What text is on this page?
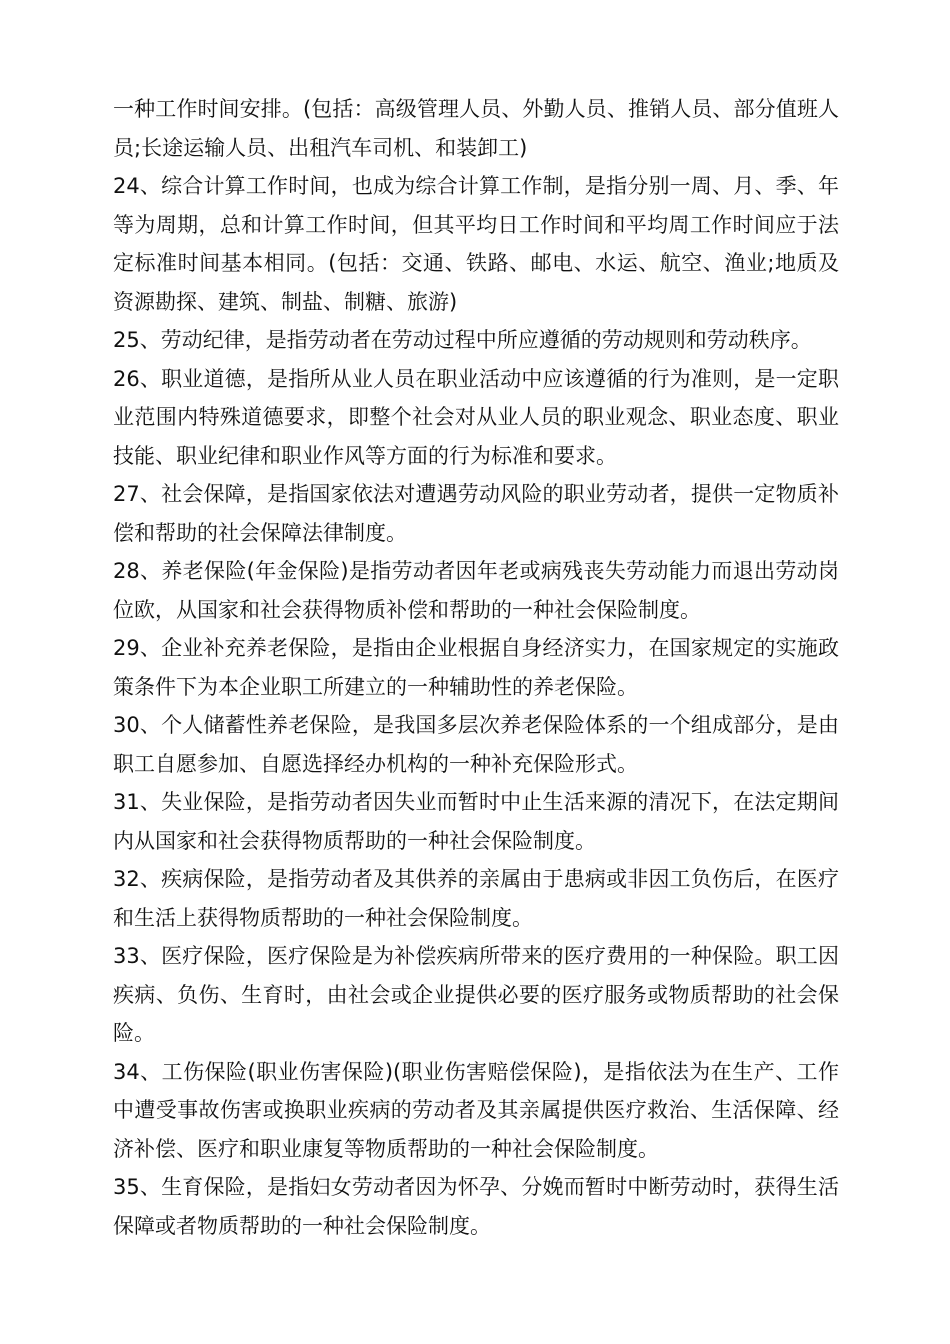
一种工作时间安排。(包括：高级管理人员、外勤人员、推销人员、部分值班人员;长途运输人员、出租汽车司机、和装卸工)

24、综合计算工作时间，也成为综合计算工作制，是指分别一周、月、季、年等为周期，总和计算工作时间，但其平均日工作时间和平均周工作时间应于法定标准时间基本相同。(包括：交通、铁路、邮电、水运、航空、渔业;地质及资源勘探、建筑、制盐、制糖、旅游)

25、劳动纪律，是指劳动者在劳动过程中所应遵循的劳动规则和劳动秩序。

26、职业道德，是指所从业人员在职业活动中应该遵循的行为准则，是一定职业范围内特殊道德要求，即整个社会对从业人员的职业观念、职业态度、职业技能、职业纪律和职业作风等方面的行为标准和要求。

27、社会保障，是指国家依法对遭遇劳动风险的职业劳动者，提供一定物质补偿和帮助的社会保障法律制度。

28、养老保险(年金保险)是指劳动者因年老或病残丧失劳动能力而退出劳动岗位欧，从国家和社会获得物质补偿和帮助的一种社会保险制度。

29、企业补充养老保险，是指由企业根据自身经济实力，在国家规定的实施政策条件下为本企业职工所建立的一种辅助性的养老保险。

30、个人储蓄性养老保险，是我国多层次养老保险体系的一个组成部分，是由职工自愿参加、自愿选择经办机构的一种补充保险形式。

31、失业保险，是指劳动者因失业而暂时中止生活来源的清况下，在法定期间内从国家和社会获得物质帮助的一种社会保险制度。

32、疾病保险，是指劳动者及其供养的亲属由于患病或非因工负伤后，在医疗和生活上获得物质帮助的一种社会保险制度。

33、医疗保险，医疗保险是为补偿疾病所带来的医疗费用的一种保险。职工因疾病、负伤、生育时，由社会或企业提供必要的医疗服务或物质帮助的社会保险。

34、工伤保险(职业伤害保险)(职业伤害赔偿保险)，是指依法为在生产、工作中遭受事故伤害或换职业疾病的劳动者及其亲属提供医疗救治、生活保障、经济补偿、医疗和职业康复等物质帮助的一种社会保险制度。

35、生育保险，是指妇女劳动者因为怀孕、分娩而暂时中断劳动时，获得生活保障或者物质帮助的一种社会保险制度。
